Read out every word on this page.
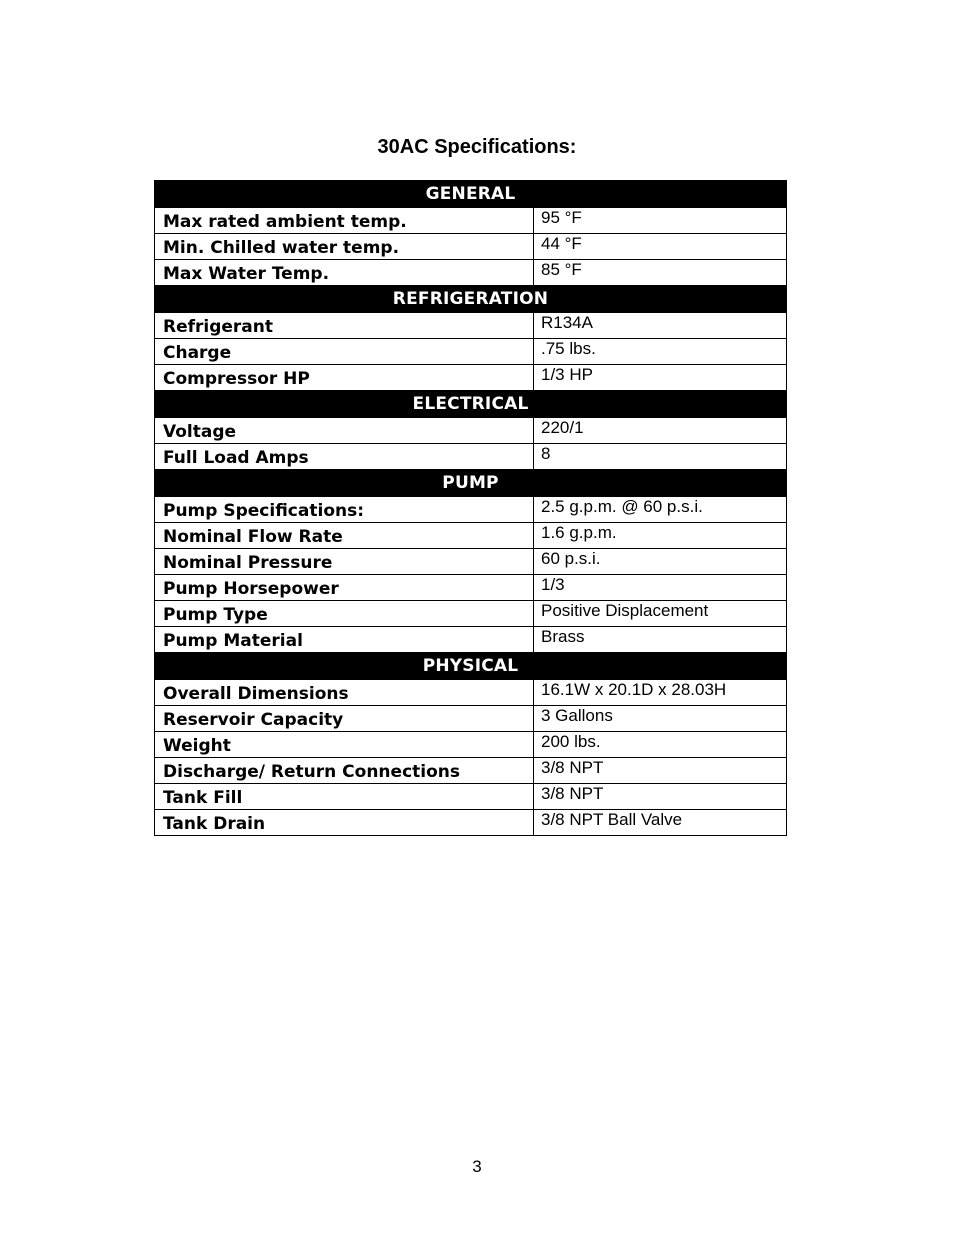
30AC Specifications:
GENERAL	
Max rated ambient temp.	95 °F
Min. Chilled water temp.	44 °F
Max Water Temp.	85 °F
REFRIGERATION	
Refrigerant	R134A
Charge	.75 lbs.
Compressor HP	1/3 HP
ELECTRICAL	
Voltage	220/1
Full Load Amps	8
PUMP	
Pump Specifications:	2.5 g.p.m. @ 60 p.s.i.
Nominal Flow Rate	1.6 g.p.m.
Nominal Pressure	60 p.s.i.
Pump Horsepower	1/3
Pump Type	Positive Displacement
Pump Material	Brass
PHYSICAL	
Overall Dimensions	16.1W x 20.1D x 28.03H
Reservoir Capacity	3 Gallons
Weight	200 lbs.
Discharge/ Return Connections	3/8 NPT
Tank Fill	3/8 NPT
Tank Drain	3/8 NPT Ball Valve
3
